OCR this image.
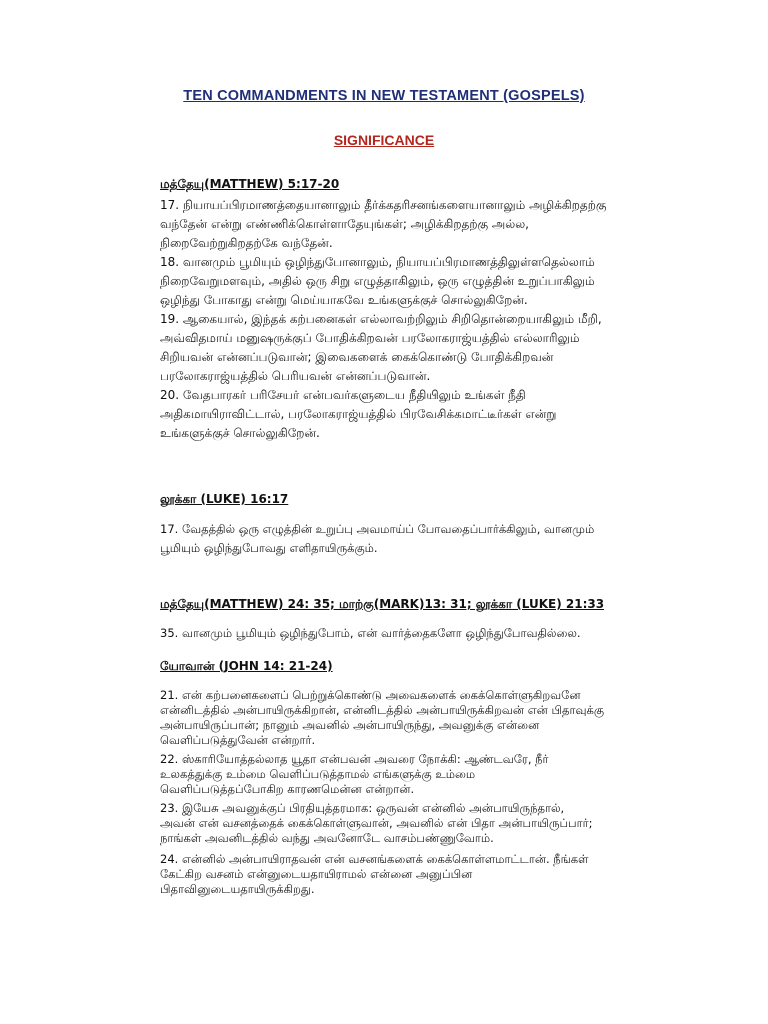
TEN COMMANDMENTS IN NEW TESTAMENT (GOSPELS)
SIGNIFICANCE
மத்தேயு(MATTHEW) 5:17-20
17. நியாயப்பிரமாணத்தையானாலும் தீர்க்கதரிசனங்களையானாலும் அழிக்கிறதற்கு
வந்தேன் என்று எண்ணிக்கொள்ளாதேயுங்கள்; அழிக்கிறதற்கு அல்ல,
நிறைவேற்றுகிறதற்கே வந்தேன்.
18. வானமும் பூமியும் ஒழிந்துபோனாலும், நியாயப்பிரமாணத்திலுள்ளதெல்லாம்
நிறைவேறுமளவும், அதில் ஒரு சிறு எழுத்தாகிலும், ஒரு எழுத்தின் உறுப்பாகிலும்
ஒழிந்து போகாது என்று மெய்யாகவே உங்களுக்குச் சொல்லுகிறேன்.
19. ஆகையால், இந்தக் கற்பனைகள் எல்லாவற்றிலும் சிறிதொன்றையாகிலும் மீறி,
அவ்விதமாய் மனுஷருக்குப் போதிக்கிறவன் பரலோகராஜ்யத்தில் எல்லாரிலும்
சிறியவன் என்னப்படுவான்; இவைகளைக் கைக்கொண்டு போதிக்கிறவன்
பரலோகராஜ்யத்தில் பெரியவன் என்னப்படுவான்.
20. வேதபாரகர் பரிசேயர் என்பவர்களுடைய நீதியிலும் உங்கள் நீதி
அதிகமாயிராவிட்டால், பரலோகராஜ்யத்தில் பிரவேசிக்கமாட்டீர்கள் என்று
உங்களுக்குச் சொல்லுகிறேன்.
லூக்கா (LUKE) 16:17
17. வேதத்தில் ஒரு எழுத்தின் உறுப்பு அவமாய்ப் போவதைப்பார்க்கிலும், வானமும்
பூமியும் ஒழிந்துபோவது எளிதாயிருக்கும்.
மத்தேயு(MATTHEW) 24: 35; மாற்கு(MARK)13: 31; லூக்கா (LUKE) 21:33
35. வானமும் பூமியும் ஒழிந்துபோம், என் வார்த்தைகளோ ஒழிந்துபோவதில்லை.
யோவான் (JOHN 14: 21-24)
21. என் கற்பனைகளைப் பெற்றுக்கொண்டு அவைகளைக் கைக்கொள்ளுகிறவனே
என்னிடத்தில் அன்பாயிருக்கிறான், என்னிடத்தில் அன்பாயிருக்கிறவன் என் பிதாவுக்கு
அன்பாயிருப்பான்; நானும் அவனில் அன்பாயிருந்து, அவனுக்கு என்னை
வெளிப்படுத்துவேன் என்றார்.
22. ஸ்காரியோத்தல்லாத யூதா என்பவன் அவரை நோக்கி: ஆண்டவரே, நீர்
உலகத்துக்கு உம்மை வெளிப்படுத்தாமல் எங்களுக்கு உம்மை
வெளிப்படுத்தப்போகிற காரணமென்ன என்றான்.
23. இயேசு அவனுக்குப் பிரதியுத்தரமாக: ஒருவன் என்னில் அன்பாயிருந்தால்,
அவன் என் வசனத்தைக் கைக்கொள்ளுவான், அவனில் என் பிதா அன்பாயிருப்பார்;
நாங்கள் அவனிடத்தில் வந்து அவனோடே வாசம்பண்ணுவோம்.
24. என்னில் அன்பாயிராதவன் என் வசனங்களைக் கைக்கொள்ளமாட்டான். நீங்கள்
கேட்கிற வசனம் என்னுடையதாயிராமல் என்னை அனுப்பின
பிதாவினுடையதாயிருக்கிறது.
